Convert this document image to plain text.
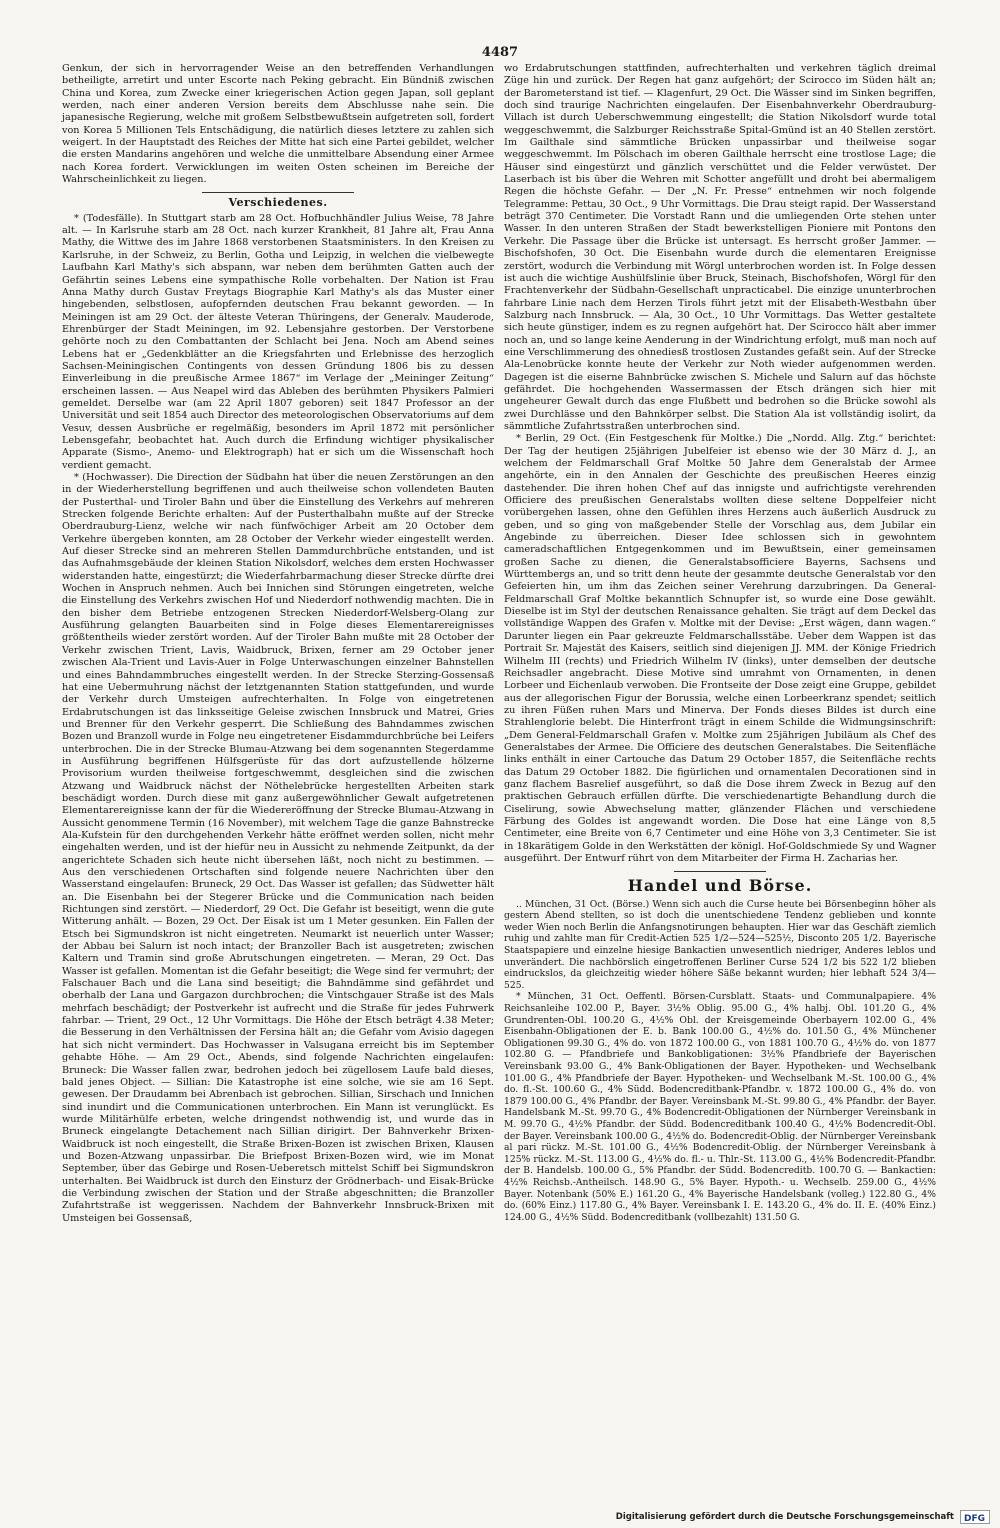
4487

Genkun, der sich in hervorragender Weise an den betreffenden Verhandlungen betheiligte, arretirt und unter Escorte nach Peking gebracht. Ein Bündniß zwischen China und Korea, zum Zwecke einer kriegerischen Action gegen Japan, soll geplant werden, nach einer anderen Version bereits dem Abschlusse nahe sein. Die japanesische Regierung, welche mit großem Selbstbewußtsein aufgetreten soll, fordert von Korea 5 Millionen Tels Entschädigung, die natürlich dieses letztere zu zahlen sich weigert. In der Hauptstadt des Reiches der Mitte hat sich eine Partei gebildet, welcher die ersten Mandarins angehören und welche die unmittelbare Absendung einer Armee nach Korea fordert. Verwicklungen im weiten Osten scheinen im Bereiche der Wahrscheinlichkeit zu liegen.

Verschiedenes.

* (Todesfälle). In Stuttgart starb am 28 Oct. Hofbuchhändler Julius Weise, 78 Jahre alt. — In Karlsruhe starb am 28 Oct. nach kurzer Krankheit, 81 Jahre alt, Frau Anna Mathy, die Wittwe des im Jahre 1868 verstorbenen Staatsministers. In den Kreisen zu Karlsruhe, in der Schweiz, zu Berlin, Gotha und Leipzig, in welchen die vielbewegte Laufbahn Karl Mathy's sich abspann, war neben dem berühmten Gatten auch der Gefährtin seines Lebens eine sympathische Rolle vorbehalten. Der Nation ist Frau Anna Mathy durch Gustav Freytags Biographie Karl Mathy's als das Muster einer hingebenden, selbstlosen, aufopfernden deutschen Frau bekannt geworden. — In Meiningen ist am 29 Oct. der älteste Veteran Thüringens, der Generalv. Mauderode, Ehrenbürger der Stadt Meiningen, im 92. Lebensjahre gestorben. Der Verstorbene gehörte noch zu den Combattanten der Schlacht bei Jena. Noch am Abend seines Lebens hat er „Gedenkblätter an die Kriegsfahrten und Erlebnisse des herzoglich Sachsen-Meiningischen Contingents von dessen Gründung 1806 bis zu dessen Einverleibung in die preußische Armee 1867“ im Verlage der „Meininger Zeitung“ erscheinen lassen. — Aus Neapel wird das Ableben des berühmten Physikers Palmieri gemeldet. Derselbe war (am 22 April 1807 geboren) seit 1847 Professor an der Universität und seit 1854 auch Director des meteorologischen Observatoriums auf dem Vesuv, dessen Ausbrüche er regelmäßig, besonders im April 1872 mit persönlicher Lebensgefahr, beobachtet hat. Auch durch die Erfindung wichtiger physikalischer Apparate (Sismo-, Anemo- und Elektrograph) hat er sich um die Wissenschaft hoch verdient gemacht.

* (Hochwasser). Die Direction der Südbahn hat über die neuen Zerstörungen an den in der Wiederherstellung begriffenen und auch theilweise schon vollendeten Bauten der Pusterthal- und Tiroler Bahn und über die Einstellung des Verkehrs auf mehreren Strecken folgende Berichte erhalten: Auf der Pusterthalbahn mußte auf der Strecke Oberdrauburg-Lienz, welche wir nach fünfwöchiger Arbeit am 20 October dem Verkehre übergeben konnten, am 28 October der Verkehr wieder eingestellt werden. Auf dieser Strecke sind an mehreren Stellen Dammdurchbrüche entstanden, und ist das Aufnahmsgebäude der kleinen Station Nikolsdorf, welches dem ersten Hochwasser widerstanden hatte, eingestürzt; die Wiederfahrbarmachung dieser Strecke dürfte drei Wochen in Anspruch nehmen. Auch bei Innichen sind Störungen eingetreten, welche die Einstellung des Verkehrs zwischen Hof und Niederdorf nothwendig machten. Die in den bisher dem Betriebe entzogenen Strecken Niederdorf-Welsberg-Olang zur Ausführung gelangten Bauarbeiten sind in Folge dieses Elementarereignisses größtentheils wieder zerstört worden. Auf der Tiroler Bahn mußte mit 28 October der Verkehr zwischen Trient, Lavis, Waidbruck, Brixen, ferner am 29 October jener zwischen Ala-Trient und Lavis-Auer in Folge Unterwaschungen einzelner Bahnstellen und eines Bahndammbruches eingestellt werden. In der Strecke Sterzing-Gossensaß hat eine Uebermuhrung nächst der letztgenannten Station stattgefunden, und wurde der Verkehr durch Umsteigen aufrechterhalten. In Folge von eingetretenen Erdabrutschungen ist das linksseitige Geleise zwischen Innsbruck und Matrei, Gries und Brenner für den Verkehr gesperrt. Die Schließung des Bahndammes zwischen Bozen und Branzoll wurde in Folge neu eingetretener Eisdammdurchbrüche bei Leifers unterbrochen. Die in der Strecke Blumau-Atzwang bei dem sogenannten Stegerdamme in Ausführung begriffenen Hülfsgerüste für das dort aufzustellende hölzerne Provisorium wurden theilweise fortgeschwemmt, desgleichen sind die zwischen Atzwang und Waidbruck nächst der Nöthelebrücke hergestellten Arbeiten stark beschädigt worden. Durch diese mit ganz außergewöhnlicher Gewalt aufgetretenen Elementarereignisse kann der für die Wiedereröffnung der Strecke Blumau-Atzwang in Aussicht genommene Termin (16 November), mit welchem Tage die ganze Bahnstrecke Ala-Kufstein für den durchgehenden Verkehr hätte eröffnet werden sollen, nicht mehr eingehalten werden, und ist der hiefür neu in Aussicht zu nehmende Zeitpunkt, da der angerichtete Schaden sich heute nicht übersehen läßt, noch nicht zu bestimmen. — Aus den verschiedenen Ortschaften sind folgende neuere Nachrichten über den Wasserstand eingelaufen: Bruneck, 29 Oct. Das Wasser ist gefallen; das Südwetter hält an. Die Eisenbahn bei der Stegerer Brücke und die Communication nach beiden Richtungen sind zerstört. — Niederdorf, 29 Oct. Die Gefahr ist beseitigt, wenn die gute Witterung anhält. — Bozen, 29 Oct. Der Eisak ist um 1 Meter gesunken. Ein Fallen der Etsch bei Sigmundskron ist nicht eingetreten. Neumarkt ist neuerlich unter Wasser; der Abbau bei Salurn ist noch intact; der Branzoller Bach ist ausgetreten; zwischen Kaltern und Tramin sind große Abrutschungen eingetreten. — Meran, 29 Oct. Das Wasser ist gefallen. Momentan ist die Gefahr beseitigt; die Wege sind fer vermuhrt; der Falschauer Bach und die Lana sind beseitigt; die Bahndämme sind gefährdet und oberhalb der Lana und Gargazon durchbrochen; die Vintschgauer Straße ist des Mals mehrfach beschädigt; der Postverkehr ist aufrecht und die Straße für jedes Fuhrwerk fahrbar. — Trient, 29 Oct., 12 Uhr Vormittags. Die Höhe der Etsch beträgt 4.38 Meter; die Besserung in den Verhältnissen der Fersina hält an; die Gefahr vom Avisio dagegen hat sich nicht vermindert. Das Hochwasser in Valsugana erreicht bis im September gehabte Höhe. — Am 29 Oct., Abends, sind folgende Nachrichten eingelaufen: Bruneck: Die Wasser fallen zwar, bedrohen jedoch bei zügellosem Laufe bald dieses, bald jenes Object. — Sillian: Die Katastrophe ist eine solche, wie sie am 16 Sept. gewesen. Der Draudamm bei Abrenbach ist gebrochen. Sillian, Sirschach und Innichen sind inundirt und die Communicationen unterbrochen. Ein Mann ist verunglückt. Es wurde Militärhülfe erbeten, welche dringendst nothwendig ist, und wurde das in Bruneck eingelangte Detachement nach Sillian dirigirt. Der Bahnverkehr Brixen-Waidbruck ist noch eingestellt, die Straße Brixen-Bozen ist zwischen Brixen, Klausen und Bozen-Atzwang unpassirbar. Die Briefpost Brixen-Bozen wird, wie im Monat September, über das Gebirge und Rosen-Ueberetsch mittelst Schiff bei Sigmundskron unterhalten. Bei Waidbruck ist durch den Einsturz der Grödnerbach- und Eisak-Brücke die Verbindung zwischen der Station und der Straße abgeschnitten; die Branzoller Zufahrtstraße ist weggerissen. Nachdem der Bahnverkehr Innsbruck-Brixen mit Umsteigen bei Gossensaß,

wo Erdabrutschungen stattfinden, aufrechterhalten und verkehren täglich dreimal Züge hin und zurück. Der Regen hat ganz aufgehört; der Scirocco im Süden hält an; der Barometerstand ist tief. — Klagenfurt, 29 Oct. Die Wässer sind im Sinken begriffen, doch sind traurige Nachrichten eingelaufen. Der Eisenbahnverkehr Oberdrauburg-Villach ist durch Ueberschwemmung eingestellt; die Station Nikolsdorf wurde total weggeschwemmt, die Salzburger Reichsstraße Spital-Gmünd ist an 40 Stellen zerstört. Im Gailthale sind sämmtliche Brücken unpassirbar und theilweise sogar weggeschwemmt. Im Pölschach im oberen Gailthale herrscht eine trostlose Lage; die Häuser sind eingestürzt und gänzlich verschüttet und die Felder verwüstet. Der Laserbach ist bis über die Wehren mit Schotter angefüllt und droht bei abermaligem Regen die höchste Gefahr. — Der „N. Fr. Presse“ entnehmen wir noch folgende Telegramme: Pettau, 30 Oct., 9 Uhr Vormittags. Die Drau steigt rapid. Der Wasserstand beträgt 370 Centimeter. Die Vorstadt Rann und die umliegenden Orte stehen unter Wasser. In den unteren Straßen der Stadt bewerkstelligen Pioniere mit Pontons den Verkehr. Die Passage über die Brücke ist untersagt. Es herrscht großer Jammer. — Bischofshofen, 30 Oct. Die Eisenbahn wurde durch die elementaren Ereignisse zerstört, wodurch die Verbindung mit Wörgl unterbrochen worden ist. In Folge dessen ist auch die wichtige Aushülfslinie über Bruck, Steinach, Bischofshofen, Wörgl für den Frachtenverkehr der Südbahn-Gesellschaft unpracticabel. Die einzige ununterbrochen fahrbare Linie nach dem Herzen Tirols führt jetzt mit der Elisabeth-Westbahn über Salzburg nach Innsbruck. — Ala, 30 Oct., 10 Uhr Vormittags. Das Wetter gestaltete sich heute günstiger, indem es zu regnen aufgehört hat. Der Scirocco hält aber immer noch an, und so lange keine Aenderung in der Windrichtung erfolgt, muß man noch auf eine Verschlimmerung des ohnediesß trostlosen Zustandes gefaßt sein. Auf der Strecke Ala-Lenobrücke konnte heute der Verkehr zur Noth wieder aufgenommen werden. Dagegen ist die eiserne Bahnbrücke zwischen S. Michele und Salurn auf das höchste gefährdet. Die hochgehenden Wassermassen der Etsch drängen sich hier mit ungeheurer Gewalt durch das enge Flußbett und bedrohen so die Brücke sowohl als zwei Durchlässe und den Bahnkörper selbst. Die Station Ala ist vollständig isolirt, da sämmtliche Zufahrtsstraßen unterbrochen sind.

* Berlin, 29 Oct. (Ein Festgeschenk für Moltke.) Die „Nordd. Allg. Ztg.“ berichtet: Der Tag der heutigen 25jährigen Jubelfeier ist ebenso wie der 30 März d. J., an welchem der Feldmarschall Graf Moltke 50 Jahre dem Generalstab der Armee angehörte, ein in den Annalen der Geschichte des preußischen Heeres einzig dastehender. Die ihren hohen Chef auf das innigste und aufrichtigste verehrenden Officiere des preußischen Generalstabs wollten diese seltene Doppelfeier nicht vorübergehen lassen, ohne den Gefühlen ihres Herzens auch äußerlich Ausdruck zu geben, und so ging von maßgebender Stelle der Vorschlag aus, dem Jubilar ein Angebinde zu überreichen. Dieser Idee schlossen sich in gewohntem cameradschaftlichen Entgegenkommen und im Bewußtsein, einer gemeinsamen großen Sache zu dienen, die Generalstabsofficiere Bayerns, Sachsens und Württembergs an, und so tritt denn heute der gesammte deutsche Generalstab vor den Gefeierten hin, um ihm das Zeichen seiner Verehrung darzubringen. Da General-Feldmarschall Graf Moltke bekanntlich Schnupfer ist, so wurde eine Dose gewählt. Dieselbe ist im Styl der deutschen Renaissance gehalten. Sie trägt auf dem Deckel das vollständige Wappen des Grafen v. Moltke mit der Devise: „Erst wägen, dann wagen.“ Darunter liegen ein Paar gekreuzte Feldmarschallsstäbe. Ueber dem Wappen ist das Portrait Sr. Majestät des Kaisers, seitlich sind diejenigen JJ. MM. der Könige Friedrich Wilhelm III (rechts) und Friedrich Wilhelm IV (links), unter demselben der deutsche Reichsadler angebracht. Diese Motive sind umrahmt von Ornamenten, in denen Lorbeer und Eichenlaub verwoben. Die Frontseite der Dose zeigt eine Gruppe, gebildet aus der allegorischen Figur der Borussia, welche einen Lorbeerkranz spendet; seitlich zu ihren Füßen ruhen Mars und Minerva. Der Fonds dieses Bildes ist durch eine Strahlenglorie belebt. Die Hinterfront trägt in einem Schilde die Widmungsinschrift: „Dem General-Feldmarschall Grafen v. Moltke zum 25jährigen Jubiläum als Chef des Generalstabes der Armee. Die Officiere des deutschen Generalstabes. Die Seitenfläche links enthält in einer Cartouche das Datum 29 October 1857, die Seitenfläche rechts das Datum 29 October 1882. Die figürlichen und ornamentalen Decorationen sind in ganz flachem Basrelief ausgeführt, so daß die Dose ihrem Zweck in Bezug auf den praktischen Gebrauch erfüllen dürfte. Die verschiedenartigte Behandlung durch die Ciselirung, sowie Abwechselung matter, glänzender Flächen und verschiedene Färbung des Goldes ist angewandt worden. Die Dose hat eine Länge von 8,5 Centimeter, eine Breite von 6,7 Centimeter und eine Höhe von 3,3 Centimeter. Sie ist in 18karätigem Golde in den Werkstätten der königl. Hof-Goldschmiede Sy und Wagner ausgeführt. Der Entwurf rührt von dem Mitarbeiter der Firma H. Zacharias her.

Handel und Börse.

.. München, 31 Oct. (Börse.) Wenn sich auch die Curse heute bei Börsenbeginn höher als gestern Abend stellten, so ist doch die unentschiedene Tendenz geblieben und konnte weder Wien noch Berlin die Anfangsnotirungen behaupten. Hier war das Geschäft ziemlich ruhig und zahlte man für Credit-Actien 525 1/2—524—525½, Disconto 205 1/2. Bayerische Staatspapiere und einzelne hiesige Bankactien unwesentlich niedriger, Anderes leblos und unverändert. Die nachbörslich eingetroffenen Berliner Curse 524 1/2 bis 522 1/2 blieben eindruckslos, da gleichzeitig wieder höhere Säße bekannt wurden; hier lebhaft 524 3/4—525.

* München, 31 Oct. Oeffentl. Börsen-Cursblatt. Staats- und Communalpapiere. 4% Reichsanleihe 102.00 P., Bayer. 3½% Oblig. 95.00 G., 4% halbj. Obl. 101.20 G., 4% Grundrenten-Obl. 100.20 G., 4½% Obl. der Kreisgemeinde Oberbayern 102.00 G., 4% Eisenbahn-Obligationen der E. b. Bank 100.00 G., 4½% do. 101.50 G., 4% Münchener Obligationen 99.30 G., 4% do. von 1872 100.00 G., von 1881 100.70 G., 4½% do. von 1877 102.80 G. — Pfandbriefe und Bankobligationen: 3½% Pfandbriefe der Bayerischen Vereinsbank 93.00 G., 4% Bank-Obligationen der Bayer. Hypotheken- und Wechselbank 101.00 G., 4% Pfandbriefe der Bayer. Hypotheken- und Wechselbank M.-St. 100.00 G., 4% do. fl.-St. 100.60 G., 4% Südd. Bodencreditbank-Pfandbr. v. 1872 100.00 G., 4% do. von 1879 100.00 G., 4% Pfandbr. der Bayer. Vereinsbank M.-St. 99.80 G., 4% Pfandbr. der Bayer. Handelsbank M.-St. 99.70 G., 4% Bodencredit-Obligationen der Nürnberger Vereinsbank in M. 99.70 G., 4½% Pfandbr. der Südd. Bodencreditbank 100.40 G., 4½% Bodencredit-Obl. der Bayer. Vereinsbank 100.00 G., 4½% do. Bodencredit-Oblig. der Nürnberger Vereinsbank al pari rückz. M.-St. 101.00 G., 4½% Bodencredit-Oblig. der Nürnberger Vereinsbank à 125% rückz. M.-St. 113.00 G., 4½% do. fl.- u. Thlr.-St. 113.00 G., 4½% Bodencredit-Pfandbr. der B. Handelsb. 100.00 G., 5% Pfandbr. der Südd. Bodencreditb. 100.70 G. — Bankactien: 4½% Reichsb.-Antheilsch. 148.90 G., 5% Bayer. Hypoth.- u. Wechselb. 259.00 G., 4½% Bayer. Notenbank (50% E.) 161.20 G., 4% Bayerische Handelsbank (volleg.) 122.80 G., 4% do. (60% Einz.) 117.80 G., 4% Bayer. Vereinsbank I. E. 143.20 G., 4% do. II. E. (40% Einz.) 124.00 G., 4½% Südd. Bodencreditbank (vollbezahlt) 131.50 G.

Digitalisierung gefördert durch die Deutsche Forschungsgemeinschaft DFG
